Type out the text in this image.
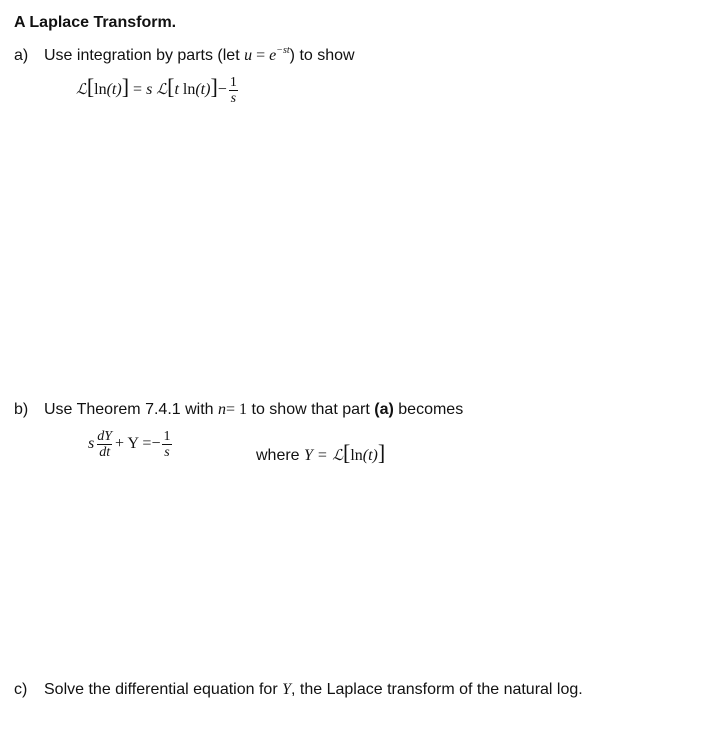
A Laplace Transform.
a) Use integration by parts (let $u = e^{-st}$) to show
ℒ[ln(t)] = s ℒ[t $\ln(t)]- \frac{1}{s}$
b) Use Theorem 7.4.1 with n= 1 to show that part (a) becomes
s $\frac{dY}{dt} + Y =- \frac{1}{s}$	where Y = ℒ[ln(t)]
c) Solve the differential equation for Y, the Laplace transform of the natural log.
